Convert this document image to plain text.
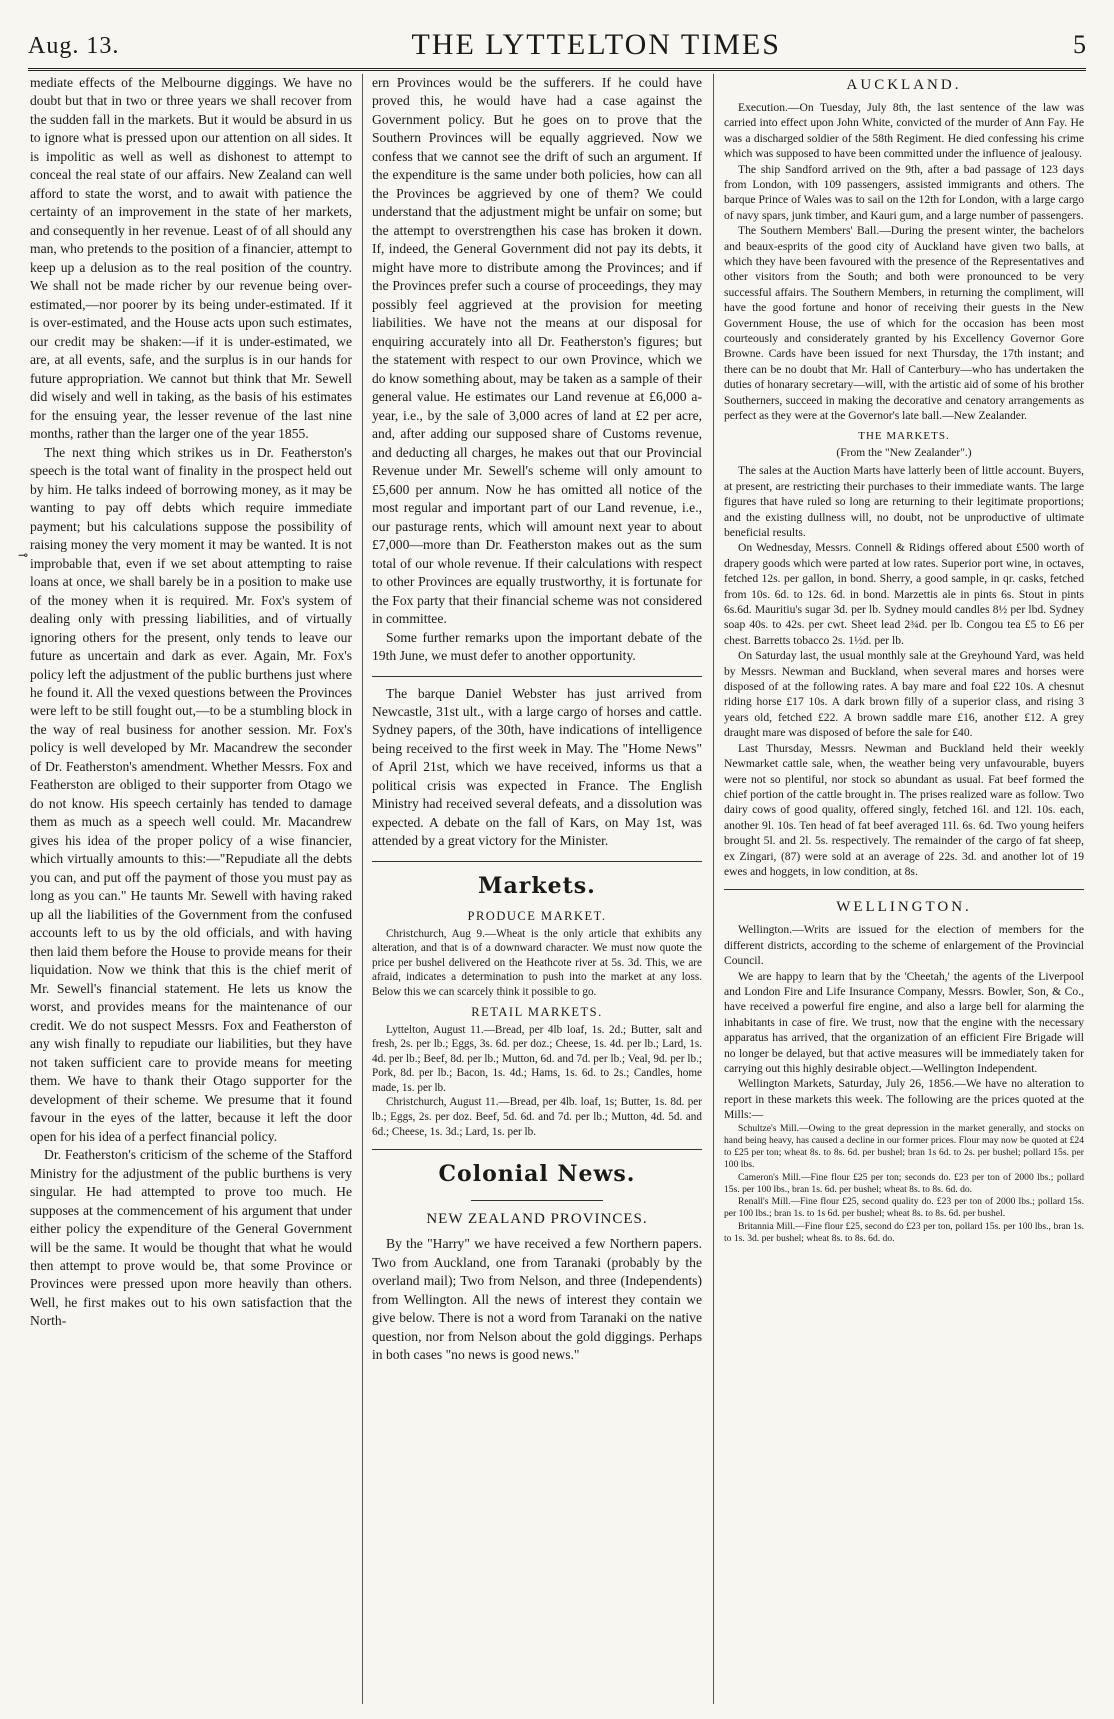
Aug. 13.	THE LYTTELTON TIMES	5
⊸

mediate effects of the Melbourne diggings. We have no doubt but that in two or three years we shall recover from the sudden fall in the markets. But it would be absurd in us to ignore what is pressed upon our attention on all sides. It is impolitic as well as well as dishonest to attempt to conceal the real state of our affairs. New Zealand can well afford to state the worst, and to await with patience the certainty of an improvement in the state of her markets, and consequently in her revenue. Least of of all should any man, who pretends to the position of a financier, attempt to keep up a delusion as to the real position of the country. We shall not be made richer by our revenue being over-estimated,—nor poorer by its being under-estimated. If it is over-estimated, and the House acts upon such estimates, our credit may be shaken:—if it is under-estimated, we are, at all events, safe, and the surplus is in our hands for future appropriation. We cannot but think that Mr. Sewell did wisely and well in taking, as the basis of his estimates for the ensuing year, the lesser revenue of the last nine months, rather than the larger one of the year 1855.

The next thing which strikes us in Dr. Featherston's speech is the total want of finality in the prospect held out by him. He talks indeed of borrowing money, as it may be wanting to pay off debts which require immediate payment; but his calculations suppose the possibility of raising money the very moment it may be wanted. It is not improbable that, even if we set about attempting to raise loans at once, we shall barely be in a position to make use of the money when it is required. Mr. Fox's system of dealing only with pressing liabilities, and of virtually ignoring others for the present, only tends to leave our future as uncertain and dark as ever. Again, Mr. Fox's policy left the adjustment of the public burthens just where he found it. All the vexed questions between the Provinces were left to be still fought out,—to be a stumbling block in the way of real business for another session. Mr. Fox's policy is well developed by Mr. Macandrew the seconder of Dr. Featherston's amendment. Whether Messrs. Fox and Featherston are obliged to their supporter from Otago we do not know. His speech certainly has tended to damage them as much as a speech well could. Mr. Macandrew gives his idea of the proper policy of a wise financier, which virtually amounts to this:—"Repudiate all the debts you can, and put off the payment of those you must pay as long as you can." He taunts Mr. Sewell with having raked up all the liabilities of the Government from the confused accounts left to us by the old officials, and with having then laid them before the House to provide means for their liquidation. Now we think that this is the chief merit of Mr. Sewell's financial statement. He lets us know the worst, and provides means for the maintenance of our credit. We do not suspect Messrs. Fox and Featherston of any wish finally to repudiate our liabilities, but they have not taken sufficient care to provide means for meeting them. We have to thank their Otago supporter for the development of their scheme. We presume that it found favour in the eyes of the latter, because it left the door open for his idea of a perfect financial policy.

Dr. Featherston's criticism of the scheme of the Stafford Ministry for the adjustment of the public burthens is very singular. He had attempted to prove too much. He supposes at the commencement of his argument that under either policy the expenditure of the General Government will be the same. It would be thought that what he would then attempt to prove would be, that some Province or Provinces were pressed upon more heavily than others. Well, he first makes out to his own satisfaction that the North-

ern Provinces would be the sufferers. If he could have proved this, he would have had a case against the Government policy. But he goes on to prove that the Southern Provinces will be equally aggrieved. Now we confess that we cannot see the drift of such an argument. If the expenditure is the same under both policies, how can all the Provinces be aggrieved by one of them? We could understand that the adjustment might be unfair on some; but the attempt to overstrengthen his case has broken it down. If, indeed, the General Government did not pay its debts, it might have more to distribute among the Provinces; and if the Provinces prefer such a course of proceedings, they may possibly feel aggrieved at the provision for meeting liabilities. We have not the means at our disposal for enquiring accurately into all Dr. Featherston's figures; but the statement with respect to our own Province, which we do know something about, may be taken as a sample of their general value. He estimates our Land revenue at £6,000 a-year, i.e., by the sale of 3,000 acres of land at £2 per acre, and, after adding our supposed share of Customs revenue, and deducting all charges, he makes out that our Provincial Revenue under Mr. Sewell's scheme will only amount to £5,600 per annum. Now he has omitted all notice of the most regular and important part of our Land revenue, i.e., our pasturage rents, which will amount next year to about £7,000—more than Dr. Featherston makes out as the sum total of our whole revenue. If their calculations with respect to other Provinces are equally trustworthy, it is fortunate for the Fox party that their financial scheme was not considered in committee.

Some further remarks upon the important debate of the 19th June, we must defer to another opportunity.

The barque Daniel Webster has just arrived from Newcastle, 31st ult., with a large cargo of horses and cattle. Sydney papers, of the 30th, have indications of intelligence being received to the first week in May. The "Home News" of April 21st, which we have received, informs us that a political crisis was expected in France. The English Ministry had received several defeats, and a dissolution was expected. A debate on the fall of Kars, on May 1st, was attended by a great victory for the Minister.

Markets.
PRODUCE MARKET.

Christchurch, Aug 9.—Wheat is the only article that exhibits any alteration, and that is of a downward character. We must now quote the price per bushel delivered on the Heathcote river at 5s. 3d. This, we are afraid, indicates a determination to push into the market at any loss. Below this we can scarcely think it possible to go.

RETAIL MARKETS.

Lyttelton, August 11.—Bread, per 4lb loaf, 1s. 2d.; Butter, salt and fresh, 2s. per lb.; Eggs, 3s. 6d. per doz.; Cheese, 1s. 4d. per lb.; Lard, 1s. 4d. per lb.; Beef, 8d. per lb.; Mutton, 6d. and 7d. per lb.; Veal, 9d. per lb.; Pork, 8d. per lb.; Bacon, 1s. 4d.; Hams, 1s. 6d. to 2s.; Candles, home made, 1s. per lb.

Christchurch, August 11.—Bread, per 4lb. loaf, 1s; Butter, 1s. 8d. per lb.; Eggs, 2s. per doz. Beef, 5d. 6d. and 7d. per lb.; Mutton, 4d. 5d. and 6d.; Cheese, 1s. 3d.; Lard, 1s. per lb.

Colonial News.
NEW ZEALAND PROVINCES.

By the "Harry" we have received a few Northern papers. Two from Auckland, one from Taranaki (probably by the overland mail); Two from Nelson, and three (Independents) from Wellington. All the news of interest they contain we give below. There is not a word from Taranaki on the native question, nor from Nelson about the gold diggings. Perhaps in both cases "no news is good news."

AUCKLAND.

Execution.—On Tuesday, July 8th, the last sentence of the law was carried into effect upon John White, convicted of the murder of Ann Fay. He was a discharged soldier of the 58th Regiment. He died confessing his crime which was supposed to have been committed under the influence of jealousy.

The ship Sandford arrived on the 9th, after a bad passage of 123 days from London, with 109 passengers, assisted immigrants and others. The barque Prince of Wales was to sail on the 12th for London, with a large cargo of navy spars, junk timber, and Kauri gum, and a large number of passengers.

The Southern Members' Ball.—During the present winter, the bachelors and beaux-esprits of the good city of Auckland have given two balls, at which they have been favoured with the presence of the Representatives and other visitors from the South; and both were pronounced to be very successful affairs. The Southern Members, in returning the compliment, will have the good fortune and honor of receiving their guests in the New Government House, the use of which for the occasion has been most courteously and considerately granted by his Excellency Governor Gore Browne. Cards have been issued for next Thursday, the 17th instant; and there can be no doubt that Mr. Hall of Canterbury—who has undertaken the duties of honarary secretary—will, with the artistic aid of some of his brother Southerners, succeed in making the decorative and cenatory arrangements as perfect as they were at the Governor's late ball.—New Zealander.

THE MARKETS.
(From the "New Zealander".)

The sales at the Auction Marts have latterly been of little account. Buyers, at present, are restricting their purchases to their immediate wants. The large figures that have ruled so long are returning to their legitimate proportions; and the existing dullness will, no doubt, not be unproductive of ultimate beneficial results.

On Wednesday, Messrs. Connell & Ridings offered about £500 worth of drapery goods which were parted at low rates. Superior port wine, in octaves, fetched 12s. per gallon, in bond. Sherry, a good sample, in qr. casks, fetched from 10s. 6d. to 12s. 6d. in bond. Marzettis ale in pints 6s. Stout in pints 6s.6d. Mauritiu's sugar 3d. per lb. Sydney mould candles 8½ per lbd. Sydney soap 40s. to 42s. per cwt. Sheet lead 2¾d. per lb. Congou tea £5 to £6 per chest. Barretts tobacco 2s. 1½d. per lb.

On Saturday last, the usual monthly sale at the Greyhound Yard, was held by Messrs. Newman and Buckland, when several mares and horses were disposed of at the following rates. A bay mare and foal £22 10s. A chesnut riding horse £17 10s. A dark brown filly of a superior class, and rising 3 years old, fetched £22. A brown saddle mare £16, another £12. A grey draught mare was disposed of before the sale for £40.

Last Thursday, Messrs. Newman and Buckland held their weekly Newmarket cattle sale, when, the weather being very unfavourable, buyers were not so plentiful, nor stock so abundant as usual. Fat beef formed the chief portion of the cattle brought in. The prises realized ware as follow. Two dairy cows of good quality, offered singly, fetched 16l. and 12l. 10s. each, another 9l. 10s. Ten head of fat beef averaged 11l. 6s. 6d. Two young heifers brought 5l. and 2l. 5s. respectively. The remainder of the cargo of fat sheep, ex Zingari, (87) were sold at an average of 22s. 3d. and another lot of 19 ewes and hoggets, in low condition, at 8s.

WELLINGTON.

Wellington.—Writs are issued for the election of members for the different districts, according to the scheme of enlargement of the Provincial Council.

We are happy to learn that by the 'Cheetah,' the agents of the Liverpool and London Fire and Life Insurance Company, Messrs. Bowler, Son, & Co., have received a powerful fire engine, and also a large bell for alarming the inhabitants in case of fire. We trust, now that the engine with the necessary apparatus has arrived, that the organization of an efficient Fire Brigade will no longer be delayed, but that active measures will be immediately taken for carrying out this highly desirable object.—Wellington Independent.

Wellington Markets, Saturday, July 26, 1856.—We have no alteration to report in these markets this week. The following are the prices quoted at the Mills:—

Schultze's Mill.—Owing to the great depression in the market generally, and stocks on hand being heavy, has caused a decline in our former prices. Flour may now be quoted at £24 to £25 per ton; wheat 8s. to 8s. 6d. per bushel; bran 1s 6d. to 2s. per bushel; pollard 15s. per 100 lbs.

Cameron's Mill.—Fine flour £25 per ton; seconds do. £23 per ton of 2000 lbs.; pollard 15s. per 100 lbs., bran 1s. 6d. per bushel; wheat 8s. to 8s. 6d. do.

Renall's Mill.—Fine flour £25, second quality do. £23 per ton of 2000 lbs.; pollard 15s. per 100 lbs.; bran 1s. to 1s 6d. per bushel; wheat 8s. to 8s. 6d. per bushel.

Britannia Mill.—Fine flour £25, second do £23 per ton, pollard 15s. per 100 lbs., bran 1s. to 1s. 3d. per bushel; wheat 8s. to 8s. 6d. do.
